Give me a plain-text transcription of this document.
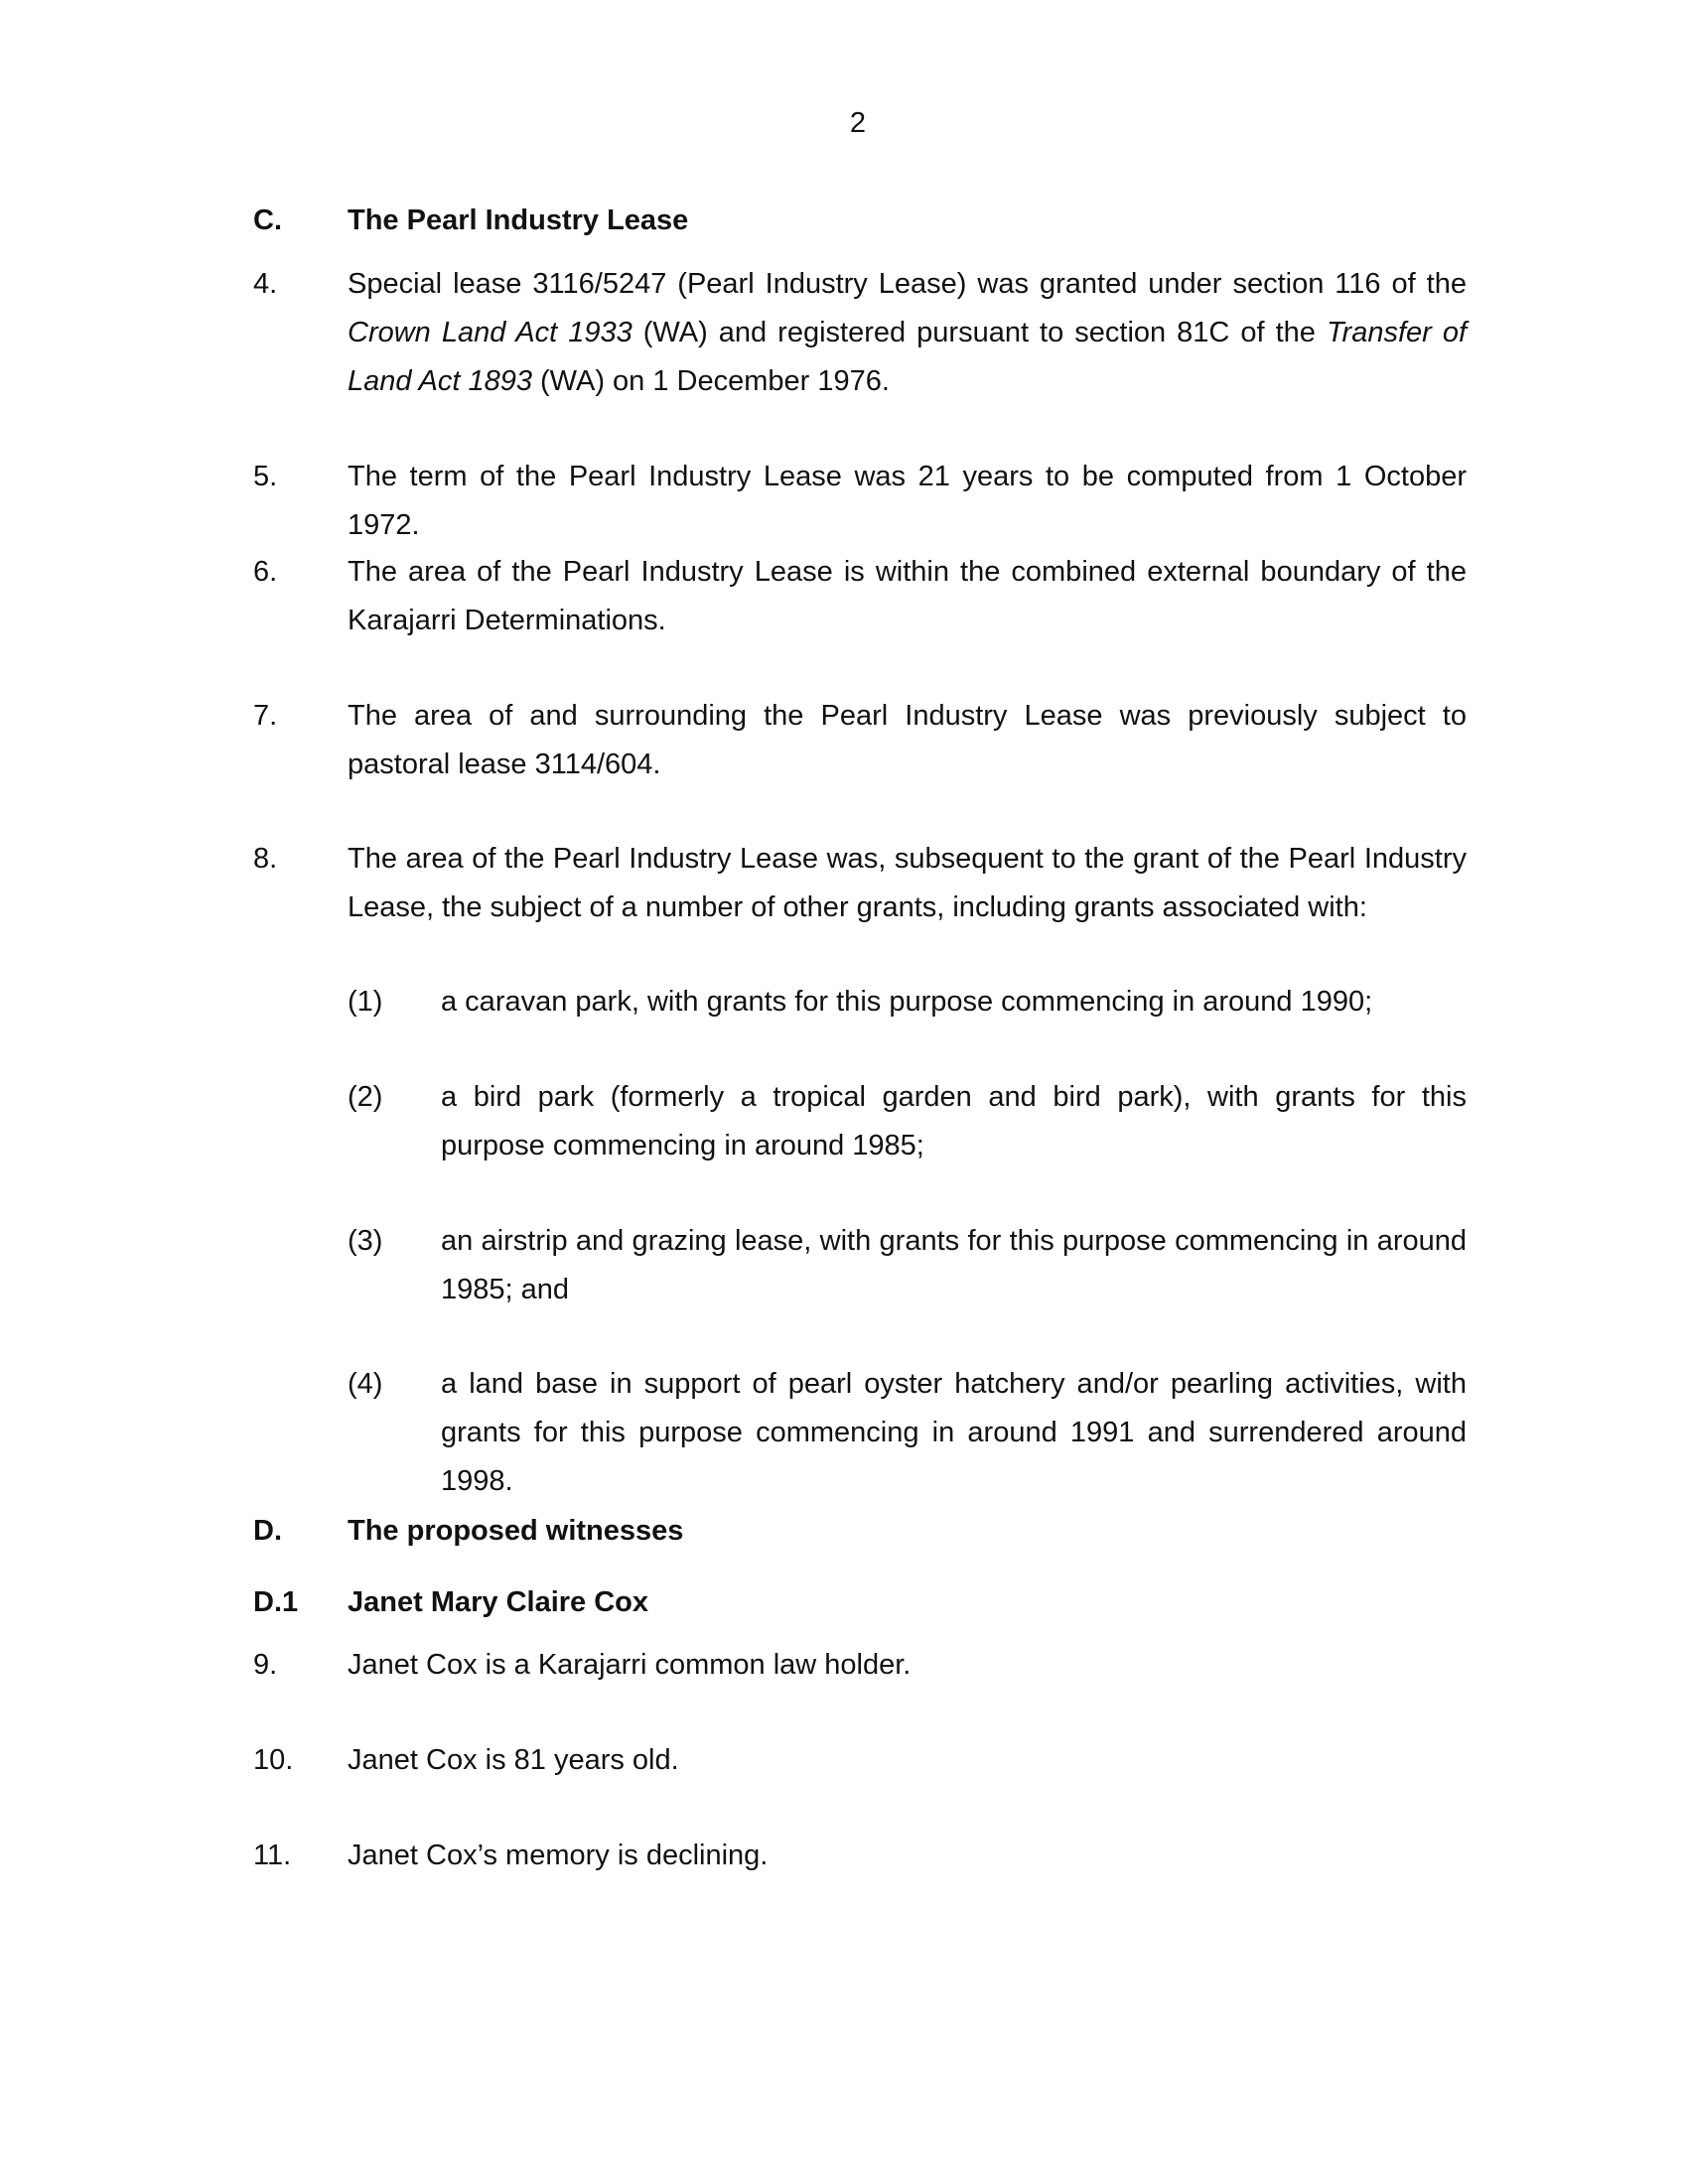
2
C. The Pearl Industry Lease
4. Special lease 3116/5247 (Pearl Industry Lease) was granted under section 116 of the Crown Land Act 1933 (WA) and registered pursuant to section 81C of the Transfer of Land Act 1893 (WA) on 1 December 1976.
5. The term of the Pearl Industry Lease was 21 years to be computed from 1 October 1972.
6. The area of the Pearl Industry Lease is within the combined external boundary of the Karajarri Determinations.
7. The area of and surrounding the Pearl Industry Lease was previously subject to pastoral lease 3114/604.
8. The area of the Pearl Industry Lease was, subsequent to the grant of the Pearl Industry Lease, the subject of a number of other grants, including grants associated with:
(1) a caravan park, with grants for this purpose commencing in around 1990;
(2) a bird park (formerly a tropical garden and bird park), with grants for this purpose commencing in around 1985;
(3) an airstrip and grazing lease, with grants for this purpose commencing in around 1985; and
(4) a land base in support of pearl oyster hatchery and/or pearling activities, with grants for this purpose commencing in around 1991 and surrendered around 1998.
D. The proposed witnesses
D.1 Janet Mary Claire Cox
9. Janet Cox is a Karajarri common law holder.
10. Janet Cox is 81 years old.
11. Janet Cox’s memory is declining.
